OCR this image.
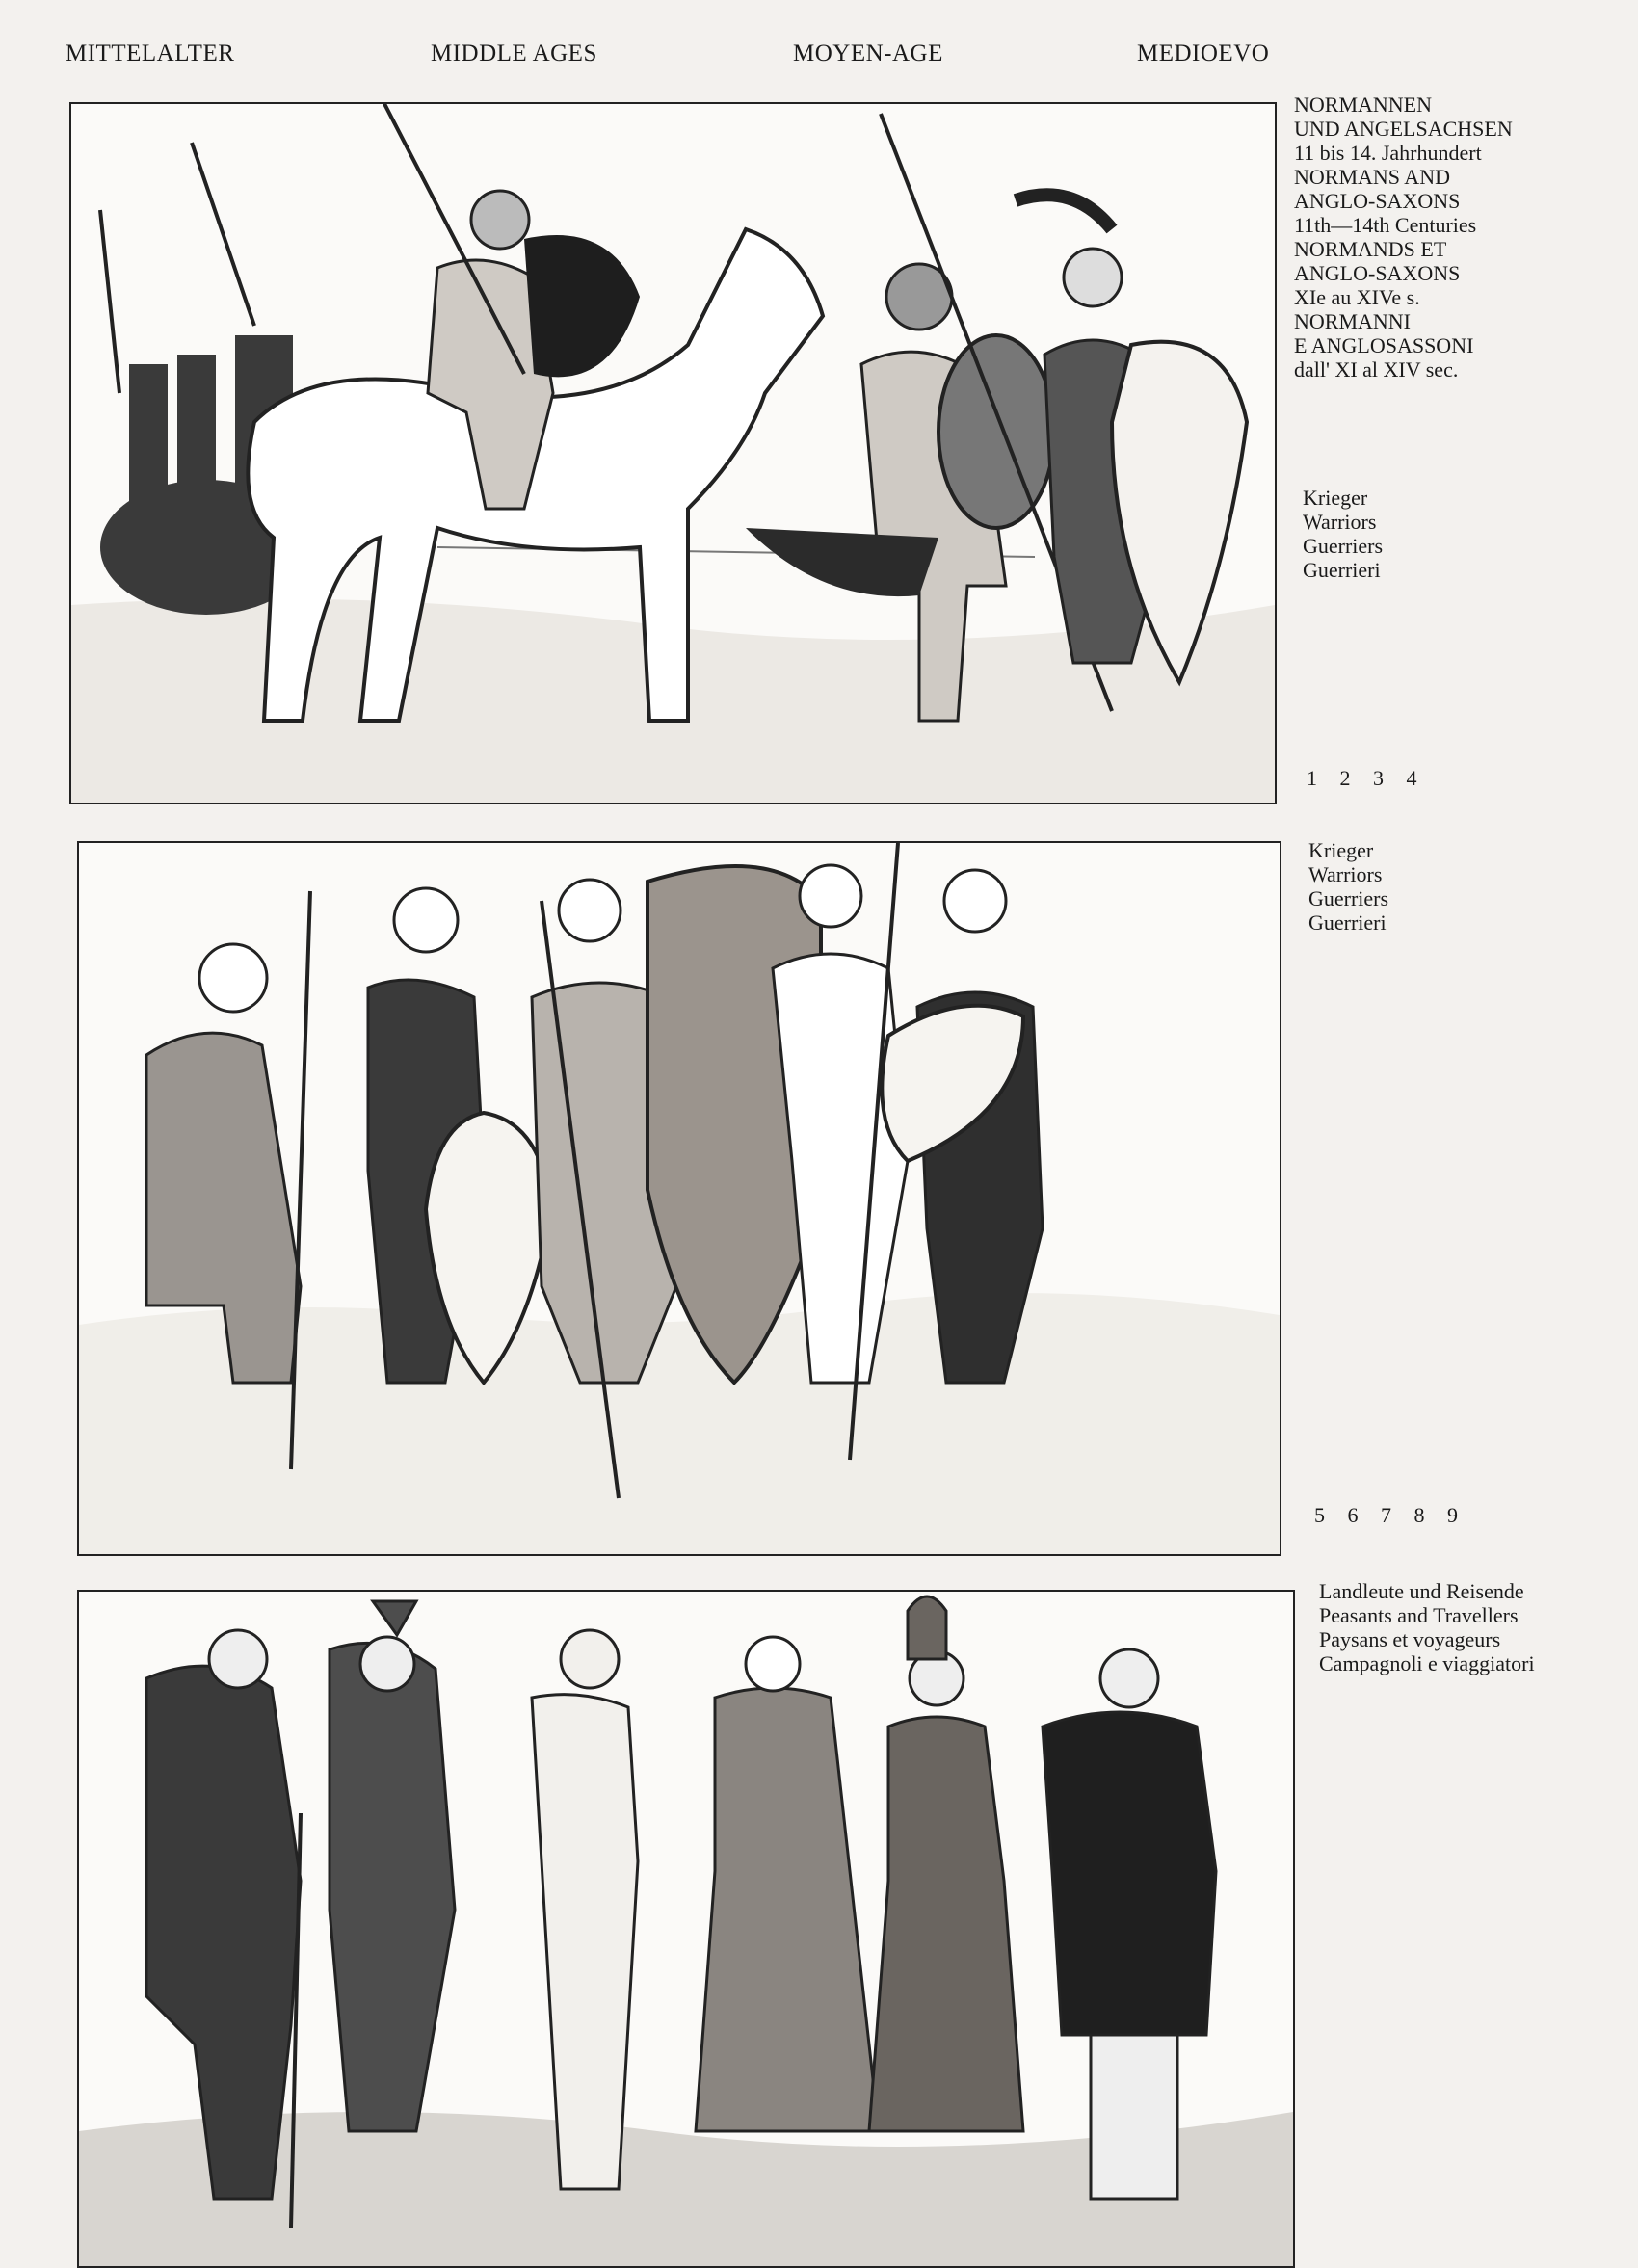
MITTELALTER	MIDDLE AGES	MOYEN-AGE	MEDIOEVO
NORMANNEN
UND ANGELSACHSEN
11 bis 14. Jahrhundert
NORMANS AND
ANGLO-SAXONS
11th—14th Centuries
NORMANDS ET
ANGLO-SAXONS
XIe au XIVe s.
NORMANNI
E ANGLOSASSONI
dall' XI al XIV sec.
Krieger
Warriors
Guerriers
Guerrieri
1 2 3 4
Krieger
Warriors
Guerriers
Guerrieri
5 6 7 8 9
Landleute und Reisende
Peasants and Travellers
Paysans et voyageurs
Campagnoli e viaggiatori
